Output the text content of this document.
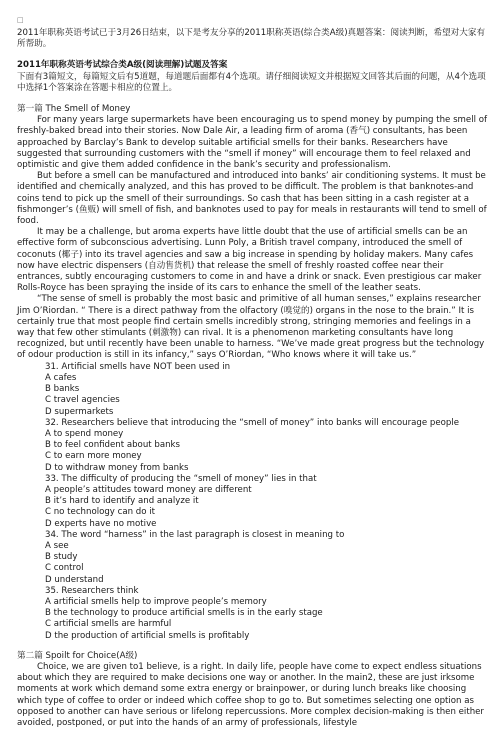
□

2011年职称英语考试已于3月26日结束，以下是考友分享的2011职称英语(综合类A级)真题答案：阅读判断，希望对大家有所帮助。

2011年职称英语考试综合类A级(阅读理解)试题及答案

下面有3篇短文，每篇短文后有5道题，每道题后面都有4个选项。请仔细阅读短文并根据短文回答其后面的问题，从4个选项中选择1个答案涂在答题卡相应的位置上。

第一篇 The Smell of Money

For many years large supermarkets have been encouraging us to spend money by pumping the smell of freshly-baked bread into their stories. Now Dale Air, a leading firm of aroma (香气) consultants, has been approached by Barclay’s Bank to develop suitable artificial smells for their banks. Researchers have suggested that surrounding customers with the “smell if money” will encourage them to feel relaxed and optimistic and give them added confidence in the bank’s security and professionalism.

But before a smell can be manufactured and introduced into banks’ air conditioning systems. It must be identified and chemically analyzed, and this has proved to be difficult. The problem is that banknotes-and coins tend to pick up the smell of their surroundings. So cash that has been sitting in a cash register at a fishmonger’s (鱼贩) will smell of fish, and banknotes used to pay for meals in restaurants will tend to smell of food.

It may be a challenge, but aroma experts have little doubt that the use of artificial smells can be an effective form of subconscious advertising. Lunn Poly, a British travel company, introduced the smell of coconuts (椰子) into its travel agencies and saw a big increase in spending by holiday makers. Many cafes now have electric dispensers (自动售货机) that release the smell of freshly roasted coffee near their entrances, subtly encouraging customers to come in and have a drink or snack. Even prestigious car maker Rolls-Royce has been spraying the inside of its cars to enhance the smell of the leather seats.

“The sense of smell is probably the most basic and primitive of all human senses,” explains researcher Jim O’Riordan. “ There is a direct pathway from the olfactory (嗅觉的) organs in the nose to the brain.” It is certainly true that most people find certain smells incredibly strong, stringing memories and feelings in a way that few other stimulants (刺激物) can rival. It is a phenomenon marketing consultants have long recognized, but until recently have been unable to harness. “We’ve made great progress but the technology of odour production is still in its infancy,” says O’Riordan, “Who knows where it will take us.”

31. Artificial smells have NOT been used in
A cafes
B banks
C travel agencies
D supermarkets
32. Researchers believe that introducing the “smell of money” into banks will encourage people
A to spend money
B to feel confident about banks
C to earn more money
D to withdraw money from banks
33. The difficulty of producing the “smell of money” lies in that
A people’s attitudes toward money are different
B it’s hard to identify and analyze it
C no technology can do it
D experts have no motive
34. The word “harness” in the last paragraph is closest in meaning to
A see
B study
C control
D understand
35. Researchers think
A artificial smells help to improve people’s memory
B the technology to produce artificial smells is in the early stage
C artificial smells are harmful
D the production of artificial smells is profitably

第二篇 Spoilt for Choice(A级)

Choice, we are given to1 believe, is a right. In daily life, people have come to expect endless situations about which they are required to make decisions one way or another. In the main2, these are just irksome moments at work which demand some extra energy or brainpower, or during lunch breaks like choosing which type of coffee to order or indeed which coffee shop to go to. But sometimes selecting one option as opposed to another can have serious or lifelong repercussions. More complex decision-making is then either avoided, postponed, or put into the hands of an army of professionals, lifestyle
